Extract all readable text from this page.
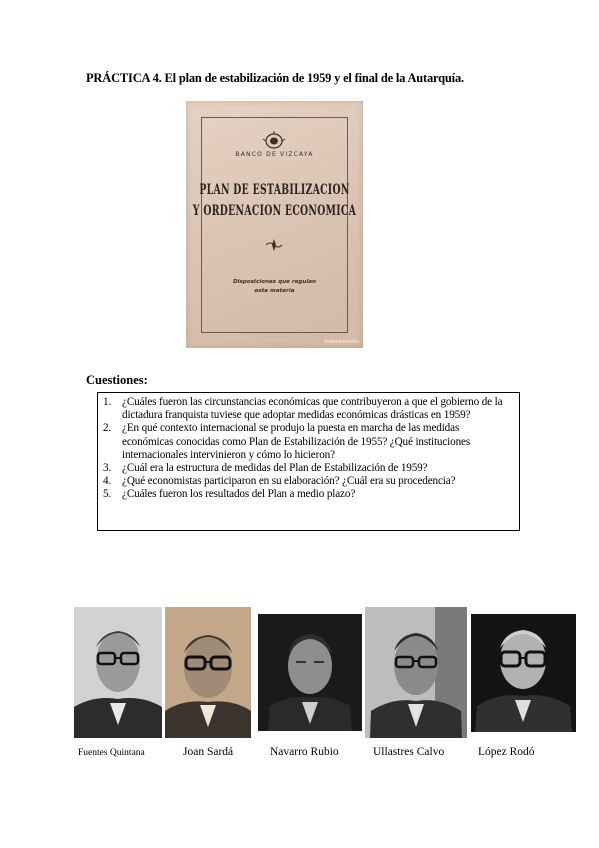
PRÁCTICA 4. El plan de estabilización de 1959 y el final de la Autarquía.
BANCO DE VIZCAYA
PLAN DE ESTABILIZACION
Y ORDENACION ECONOMICA
Disposiciones que regulan
esta materia
todocoleccion
Cuestiones:
1. ¿Cuáles fueron las circunstancias económicas que contribuyeron a que el gobierno de la dictadura franquista tuviese que adoptar medidas económicas drásticas en 1959?
2. ¿En qué contexto internacional se produjo la puesta en marcha de las medidas económicas conocidas como Plan de Estabilización de 1955? ¿Qué instituciones internacionales intervinieron y cómo lo hicieron?
3. ¿Cuál era la estructura de medidas del Plan de Estabilización de 1959?
4. ¿Qué economistas participaron en su elaboración? ¿Cuál era su procedencia?
5. ¿Cuáles fueron los resultados del Plan a medio plazo?
Fuentes Quintana	Joan Sardá	Navarro Rubio	Ullastres Calvo	López Rodó
